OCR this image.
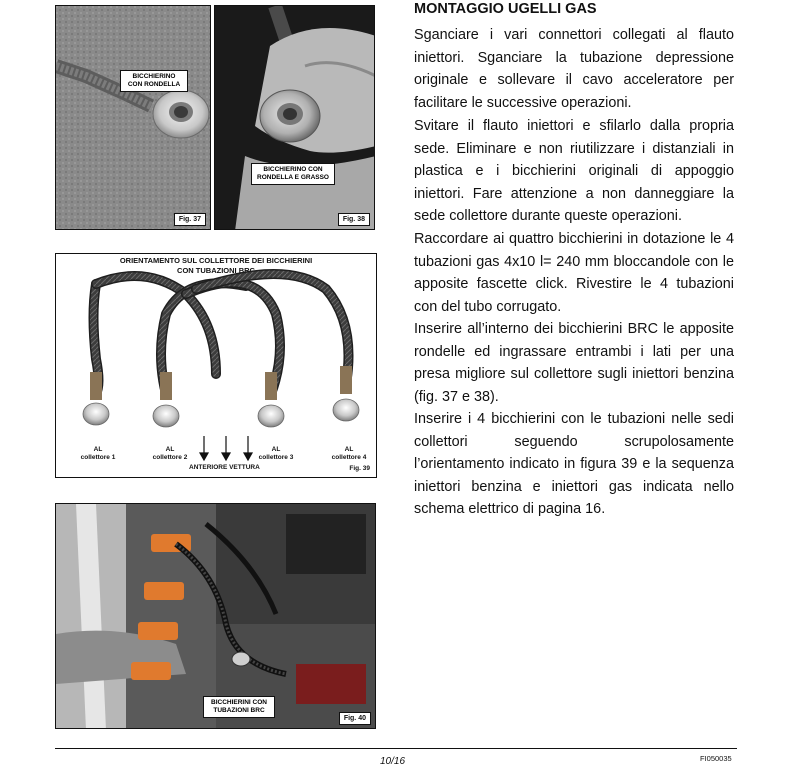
BICCHIERINO CON RONDELLA
Fig. 37
BICCHIERINO CON RONDELLA E GRASSO
Fig. 38
ORIENTAMENTO SUL COLLETTORE DEI BICCHIERINI CON TUBAZIONI BRC
AL
collettore 1
AL
collettore 2
AL
collettore 3
AL
collettore 4
ANTERIORE VETTURA	Fig. 39
BICCHIERINI CON TUBAZIONI BRC
Fig. 40
MONTAGGIO UGELLI GAS

Sganciare i vari connettori collegati al flauto iniettori. Sganciare la tubazione depressione originale e sollevare il cavo acceleratore per facilitare le successive operazioni.

Svitare il flauto iniettori e sfilarlo dalla propria sede. Eliminare e non riutilizzare i distanziali in plastica e i bicchierini originali di appoggio iniettori. Fare attenzione a non danneggiare la sede collettore durante queste operazioni.

Raccordare ai quattro bicchierini in dotazione le 4 tubazioni gas 4x10 l= 240 mm bloccandole con le apposite fascette click. Rivestire le 4 tubazioni con del tubo corrugato.

Inserire all’interno dei bicchierini BRC le apposite rondelle ed ingrassare entrambi i lati per una presa migliore sul collettore sugli iniettori benzina (fig. 37 e 38).

Inserire i 4 bicchierini con le tubazioni nelle sedi collettori seguendo scrupolosamente l’orientamento indicato in figura 39 e la sequenza iniettori benzina e iniettori gas indicata nello schema elettrico di pagina 16.

10/16	FI050035
